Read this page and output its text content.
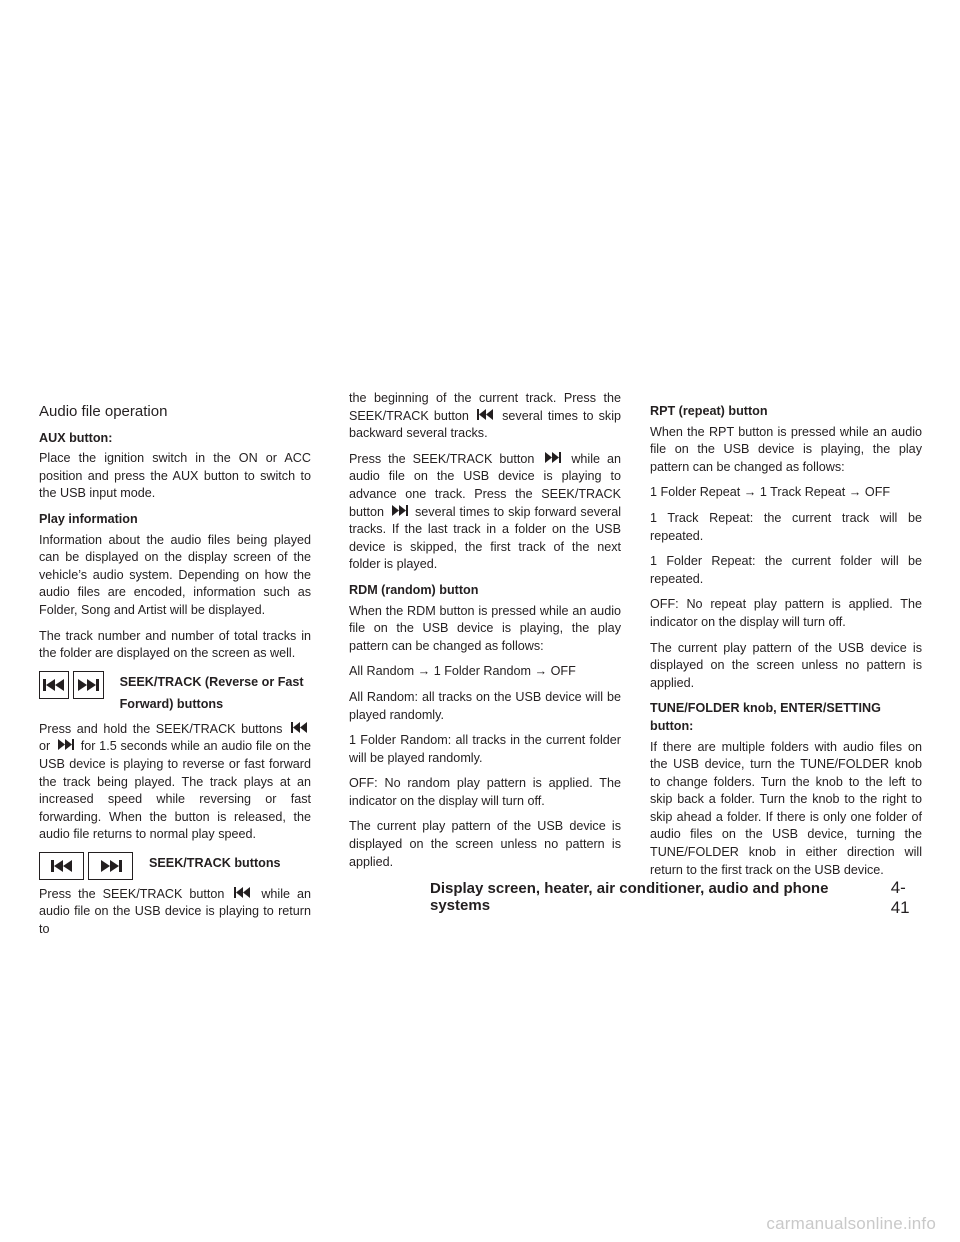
Audio file operation
AUX button:
Place the ignition switch in the ON or ACC position and press the AUX button to switch to the USB input mode.
Play information
Information about the audio files being played can be displayed on the display screen of the vehicle’s audio system. Depending on how the audio files are encoded, information such as Folder, Song and Artist will be displayed.
The track number and number of total tracks in the folder are displayed on the screen as well.
SEEK/TRACK (Reverse or Fast Forward) buttons
Press and hold the SEEK/TRACK buttons
or for 1.5 seconds while an audio file on the USB device is playing to reverse or fast forward the track being played. The track plays at an increased speed while reversing or fast forwarding. When the button is released, the audio file returns to normal play speed.
SEEK/TRACK buttons
Press the SEEK/TRACK button	while an audio file on the USB device is playing to return to
the beginning of the current track. Press the SEEK/TRACK button	several times to skip backward several tracks.
Press the SEEK/TRACK button	while an audio file on the USB device is playing to advance one track. Press the SEEK/TRACK button several times to skip forward several tracks. If the last track in a folder on the USB device is skipped, the first track of the next folder is played.
RDM (random) button
When the RDM button is pressed while an audio file on the USB device is playing, the play pattern can be changed as follows:
All Random → 1 Folder Random → OFF
All Random: all tracks on the USB device will be played randomly.
1 Folder Random: all tracks in the current folder will be played randomly.
OFF: No random play pattern is applied. The indicator on the display will turn off.
The current play pattern of the USB device is displayed on the screen unless no pattern is applied.
RPT (repeat) button
When the RPT button is pressed while an audio file on the USB device is playing, the play pattern can be changed as follows:
1 Folder Repeat → 1 Track Repeat → OFF
1 Track Repeat: the current track will be repeated.
1 Folder Repeat: the current folder will be repeated.
OFF: No repeat play pattern is applied. The indicator on the display will turn off.
The current play pattern of the USB device is displayed on the screen unless no pattern is applied.
TUNE/FOLDER knob, ENTER/SETTING button:
If there are multiple folders with audio files on the USB device, turn the TUNE/FOLDER knob to change folders. Turn the knob to the left to skip back a folder. Turn the knob to the right to skip ahead a folder. If there is only one folder of audio files on the USB device, turning the TUNE/FOLDER knob in either direction will return to the first track on the USB device.
Display screen, heater, air conditioner, audio and phone systems
4-41
carmanualsonline.info
